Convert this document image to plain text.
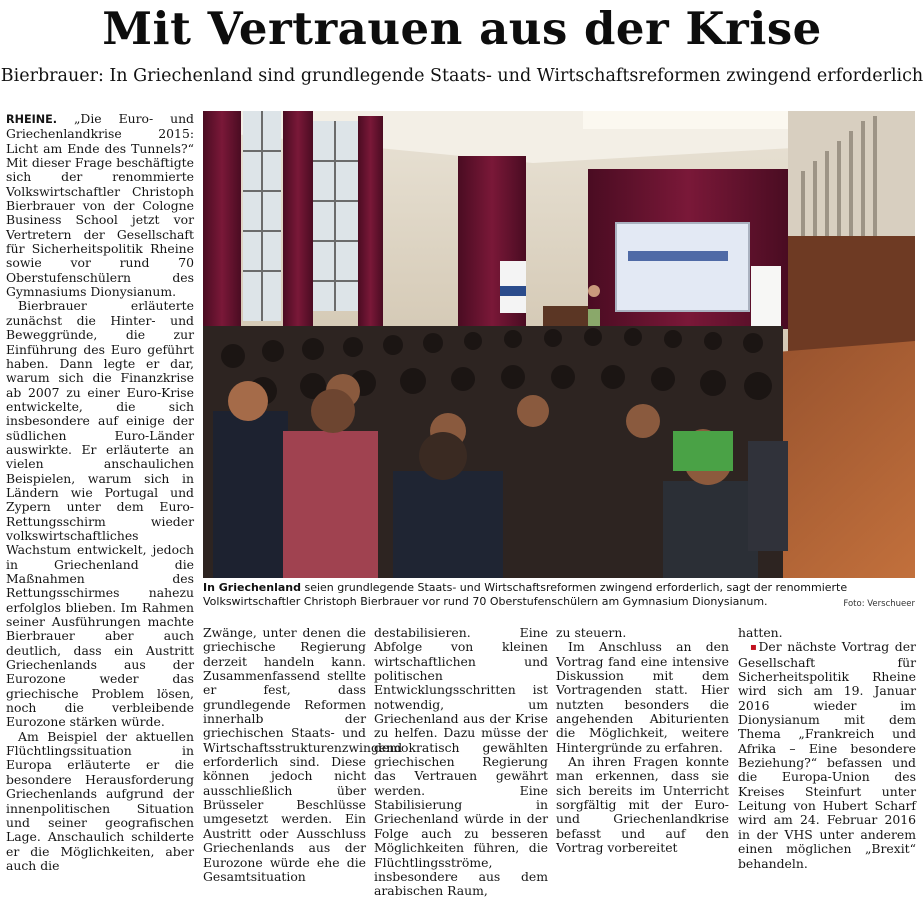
Mit Vertrauen aus der Krise
Bierbrauer: In Griechenland sind grundlegende Staats- und Wirtschaftsreformen zwingend erforderlich

RHEINE. „Die Euro- und Griechenlandkrise 2015: Licht am Ende des Tunnels?“ Mit dieser Frage beschäftigte sich der renommierte Volkswirtschaftler Christoph Bierbrauer von der Cologne Business School jetzt vor Vertretern der Gesellschaft für Sicherheitspolitik Rheine sowie vor rund 70 Oberstufenschülern des Gymnasiums Dionysianum.

Bierbrauer erläuterte zunächst die Hinter- und Beweggründe, die zur Einführung des Euro geführt haben. Dann legte er dar, warum sich die Finanzkrise ab 2007 zu einer Euro-Krise entwickelte, die sich insbesondere auf einige der südlichen Euro-Länder auswirkte. Er erläuterte an vielen anschaulichen Beispielen, warum sich in Ländern wie Portugal und Zypern unter dem Euro-Rettungsschirm wieder volkswirtschaftliches Wachstum entwickelt, jedoch in Griechenland die Maßnahmen des Rettungsschirmes nahezu erfolglos blieben. Im Rahmen seiner Ausführungen machte Bierbrauer aber auch deutlich, dass ein Austritt Griechenlands aus der Eurozone weder das griechische Problem lösen, noch die verbleibende Eurozone stärken würde.

Am Beispiel der aktuellen Flüchtlingssituation in Europa erläuterte er die besondere Herausforderung Griechenlands aufgrund der innenpolitischen Situation und seiner geografischen Lage. Anschaulich schilderte er die Möglichkeiten, aber auch die

In Griechenland seien grundlegende Staats- und Wirtschaftsreformen zwingend erforderlich, sagt der renommierte Volkswirtschaftler Christoph Bierbrauer vor rund 70 Oberstufenschülern am Gymnasium Dionysianum.	Foto: Verschueer

Zwänge, unter denen die griechische Regierung derzeit handeln kann. Zusammenfassend stellte er fest, dass grundlegende Reformen innerhalb der griechischen Staats- und Wirtschaftsstrukturenzwingend erforderlich sind. Diese können jedoch nicht ausschließlich über Brüsseler Beschlüsse umgesetzt werden. Ein Austritt oder Ausschluss Griechenlands aus der Eurozone würde ehe die Gesamtsituation

destabilisieren. Eine Abfolge von kleinen wirtschaftlichen und politischen Entwicklungsschritten ist notwendig, um Griechenland aus der Krise zu helfen. Dazu müsse der demokratisch gewählten griechischen Regierung das Vertrauen gewährt werden. Eine Stabilisierung in Griechenland würde in der Folge auch zu besseren Möglichkeiten führen, die Flüchtlingsströme, insbesondere aus dem arabischen Raum,

zu steuern.

Im Anschluss an den Vortrag fand eine intensive Diskussion mit dem Vortragenden statt. Hier nutzten besonders die angehenden Abiturienten die Möglichkeit, weitere Hintergründe zu erfahren.

An ihren Fragen konnte man erkennen, dass sie sich bereits im Unterricht sorgfältig mit der Euro- und Griechenlandkrise befasst und auf den Vortrag vorbereitet

hatten.

▪Der nächste Vortrag der Gesellschaft für Sicherheitspolitik Rheine wird sich am 19. Januar 2016 wieder im Dionysianum mit dem Thema „Frankreich und Afrika – Eine besondere Beziehung?“ befassen und die Europa-Union des Kreises Steinfurt unter Leitung von Hubert Scharf wird am 24. Februar 2016 in der VHS unter anderem einen möglichen „Brexit“ behandeln.
